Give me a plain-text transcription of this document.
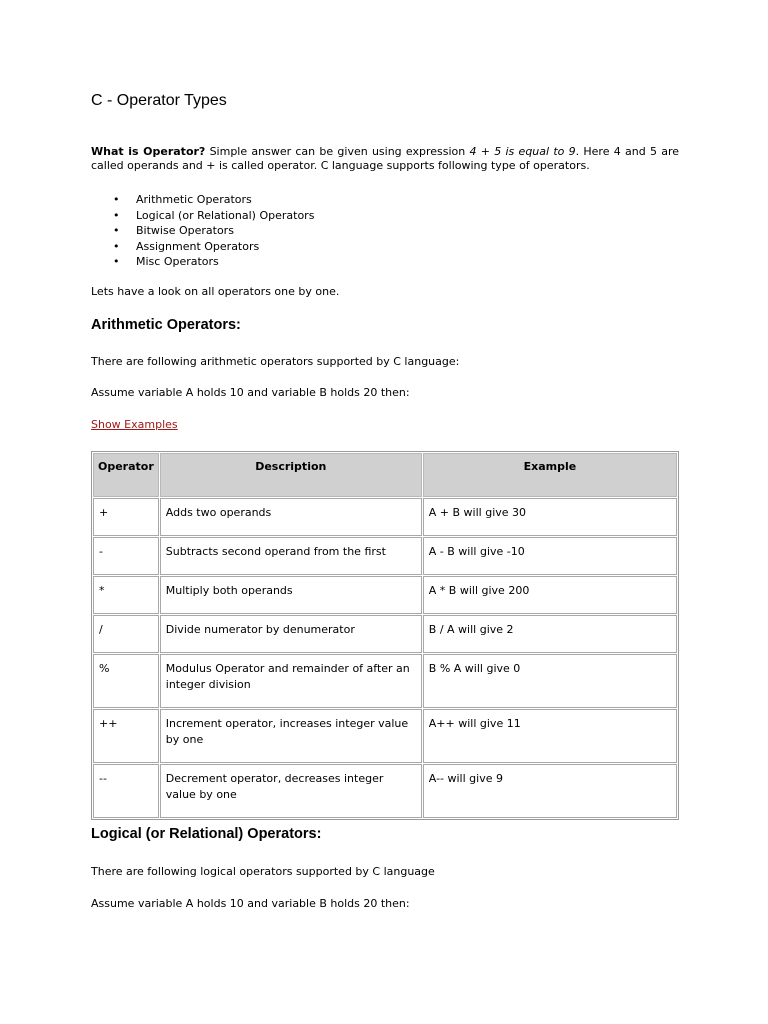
C - Operator Types

What is Operator? Simple answer can be given using expression 4 + 5 is equal to 9. Here 4 and 5 are called operands and + is called operator. C language supports following type of operators.

• Arithmetic Operators
• Logical (or Relational) Operators
• Bitwise Operators
• Assignment Operators
• Misc Operators

Lets have a look on all operators one by one.

Arithmetic Operators:

There are following arithmetic operators supported by C language:

Assume variable A holds 10 and variable B holds 20 then:

Show Examples

Operator	Description	Example
+	Adds two operands	A + B will give 30
-	Subtracts second operand from the first	A - B will give -10
*	Multiply both operands	A * B will give 200
/	Divide numerator by denumerator	B / A will give 2
%	Modulus Operator and remainder of after an integer division	B % A will give 0
++	Increment operator, increases integer value by one	A++ will give 11
--	Decrement operator, decreases integer value by one	A-- will give 9
Logical (or Relational) Operators:

There are following logical operators supported by C language

Assume variable A holds 10 and variable B holds 20 then:
